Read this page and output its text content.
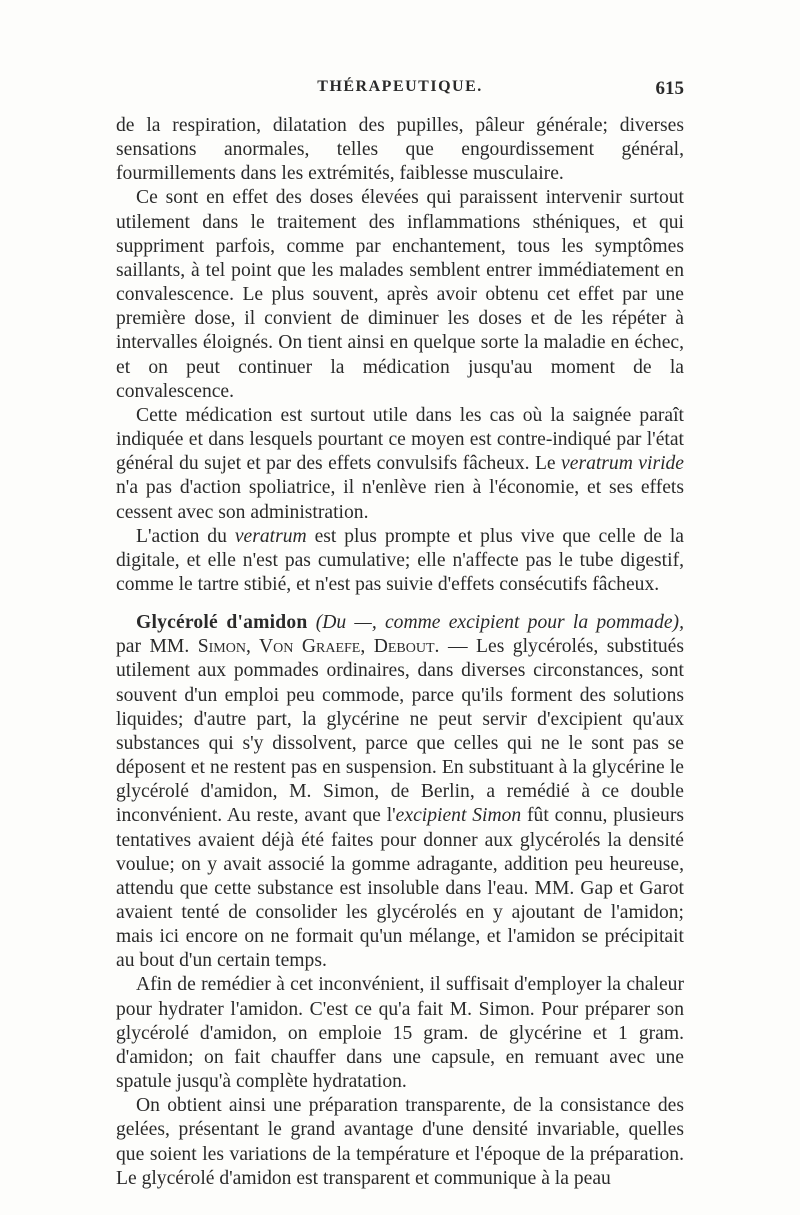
THÉRAPEUTIQUE.	615

de la respiration, dilatation des pupilles, pâleur générale; diverses sensations anormales, telles que engourdissement général, fourmillements dans les extrémités, faiblesse musculaire.

Ce sont en effet des doses élevées qui paraissent intervenir surtout utilement dans le traitement des inflammations sthéniques, et qui suppriment parfois, comme par enchantement, tous les symptômes saillants, à tel point que les malades semblent entrer immédiatement en convalescence. Le plus souvent, après avoir obtenu cet effet par une première dose, il convient de diminuer les doses et de les répéter à intervalles éloignés. On tient ainsi en quelque sorte la maladie en échec, et on peut continuer la médication jusqu'au moment de la convalescence.

Cette médication est surtout utile dans les cas où la saignée paraît indiquée et dans lesquels pourtant ce moyen est contre-indiqué par l'état général du sujet et par des effets convulsifs fâcheux. Le veratrum viride n'a pas d'action spoliatrice, il n'enlève rien à l'économie, et ses effets cessent avec son administration.

L'action du veratrum est plus prompte et plus vive que celle de la digitale, et elle n'est pas cumulative; elle n'affecte pas le tube digestif, comme le tartre stibié, et n'est pas suivie d'effets consécutifs fâcheux.

Glycérolé d'amidon (Du —, comme excipient pour la pommade), par MM. Simon, Von Graefe, Debout. — Les glycérolés, substitués utilement aux pommades ordinaires, dans diverses circonstances, sont souvent d'un emploi peu commode, parce qu'ils forment des solutions liquides; d'autre part, la glycérine ne peut servir d'excipient qu'aux substances qui s'y dissolvent, parce que celles qui ne le sont pas se déposent et ne restent pas en suspension. En substituant à la glycérine le glycérolé d'amidon, M. Simon, de Berlin, a remédié à ce double inconvénient. Au reste, avant que l'excipient Simon fût connu, plusieurs tentatives avaient déjà été faites pour donner aux glycérolés la densité voulue; on y avait associé la gomme adragante, addition peu heureuse, attendu que cette substance est insoluble dans l'eau. MM. Gap et Garot avaient tenté de consolider les glycérolés en y ajoutant de l'amidon; mais ici encore on ne formait qu'un mélange, et l'amidon se précipitait au bout d'un certain temps.

Afin de remédier à cet inconvénient, il suffisait d'employer la chaleur pour hydrater l'amidon. C'est ce qu'a fait M. Simon. Pour préparer son glycérolé d'amidon, on emploie 15 gram. de glycérine et 1 gram. d'amidon; on fait chauffer dans une capsule, en remuant avec une spatule jusqu'à complète hydratation.

On obtient ainsi une préparation transparente, de la consistance des gelées, présentant le grand avantage d'une densité invariable, quelles que soient les variations de la température et l'époque de la préparation. Le glycérolé d'amidon est transparent et communique à la peau
